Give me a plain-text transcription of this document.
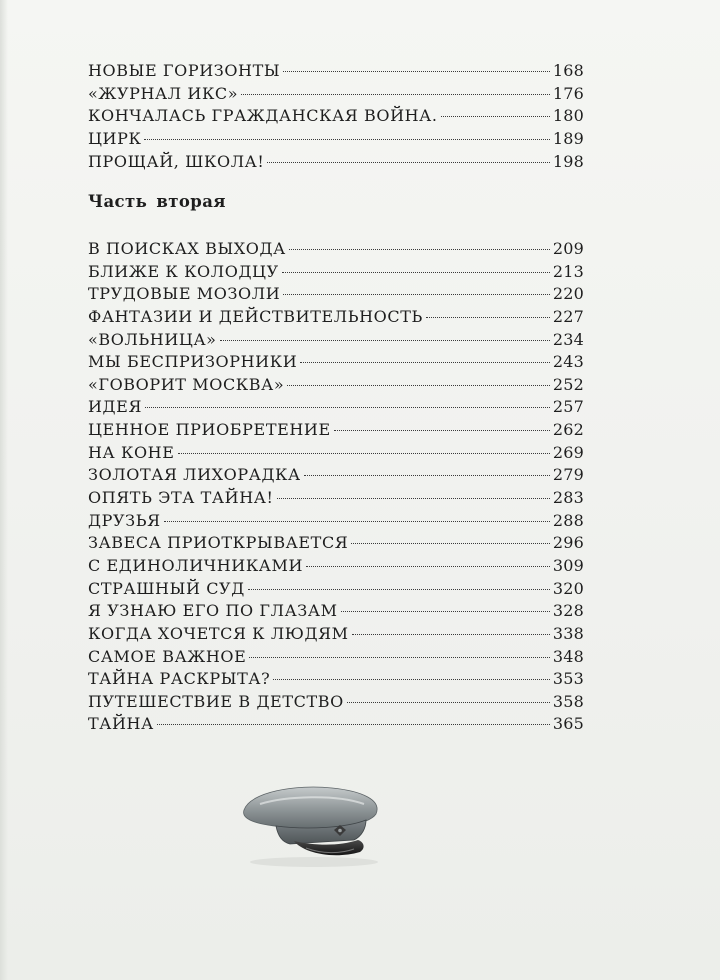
НОВЫЕ ГОРИЗОНТЫ	168
«ЖУРНАЛ ИКС»	176
КОНЧАЛАСЬ ГРАЖДАНСКАЯ ВОЙНА.	180
ЦИРК	189
ПРОЩАЙ, ШКОЛА!	198
Часть вторая
В ПОИСКАХ ВЫХОДА	209
БЛИЖЕ К КОЛОДЦУ	213
ТРУДОВЫЕ МОЗОЛИ	220
ФАНТАЗИИ И ДЕЙСТВИТЕЛЬНОСТЬ	227
«ВОЛЬНИЦА»	234
МЫ БЕСПРИЗОРНИКИ	243
«ГОВОРИТ МОСКВА»	252
ИДЕЯ	257
ЦЕННОЕ ПРИОБРЕТЕНИЕ	262
НА КОНЕ	269
ЗОЛОТАЯ ЛИХОРАДКА	279
ОПЯТЬ ЭТА ТАЙНА!	283
ДРУЗЬЯ	288
ЗАВЕСА ПРИОТКРЫВАЕТСЯ	296
С ЕДИНОЛИЧНИКАМИ	309
СТРАШНЫЙ СУД	320
Я УЗНАЮ ЕГО ПО ГЛАЗАМ	328
КОГДА ХОЧЕТСЯ К ЛЮДЯМ	338
САМОЕ ВАЖНОЕ	348
ТАЙНА РАСКРЫТА?	353
ПУТЕШЕСТВИЕ В ДЕТСТВО	358
ТАЙНА	365
